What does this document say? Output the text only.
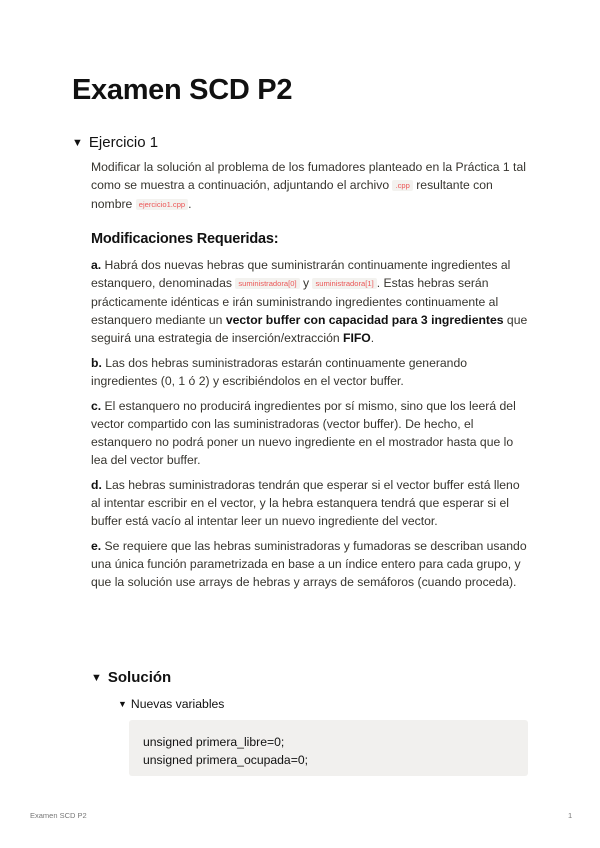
Examen SCD P2
▼ Ejercicio 1

Modificar la solución al problema de los fumadores planteado en la Práctica 1 tal como se muestra a continuación, adjuntando el archivo .cpp resultante con nombre ejercicio1.cpp .

Modificaciones Requeridas:

a. Habrá dos nuevas hebras que suministrarán continuamente ingredientes al estanquero, denominadas suministradora[0] y suministradora[1] . Estas hebras serán prácticamente idénticas e irán suministrando ingredientes continuamente al estanquero mediante un vector buffer con capacidad para 3 ingredientes que seguirá una estrategia de inserción/extracción FIFO.

b. Las dos hebras suministradoras estarán continuamente generando ingredientes (0, 1 ó 2) y escribiéndolos en el vector buffer.

c. El estanquero no producirá ingredientes por sí mismo, sino que los leerá del vector compartido con las suministradoras (vector buffer). De hecho, el estanquero no podrá poner un nuevo ingrediente en el mostrador hasta que lo lea del vector buffer.

d. Las hebras suministradoras tendrán que esperar si el vector buffer está lleno al intentar escribir en el vector, y la hebra estanquera tendrá que esperar si el buffer está vacío al intentar leer un nuevo ingrediente del vector.

e. Se requiere que las hebras suministradoras y fumadoras se describan usando una única función parametrizada en base a un índice entero para cada grupo, y que la solución use arrays de hebras y arrays de semáforos (cuando proceda).

▼ Solución
▼ Nuevas variables
unsigned primera_libre=0;
unsigned primera_ocupada=0;
Examen SCD P2	1
